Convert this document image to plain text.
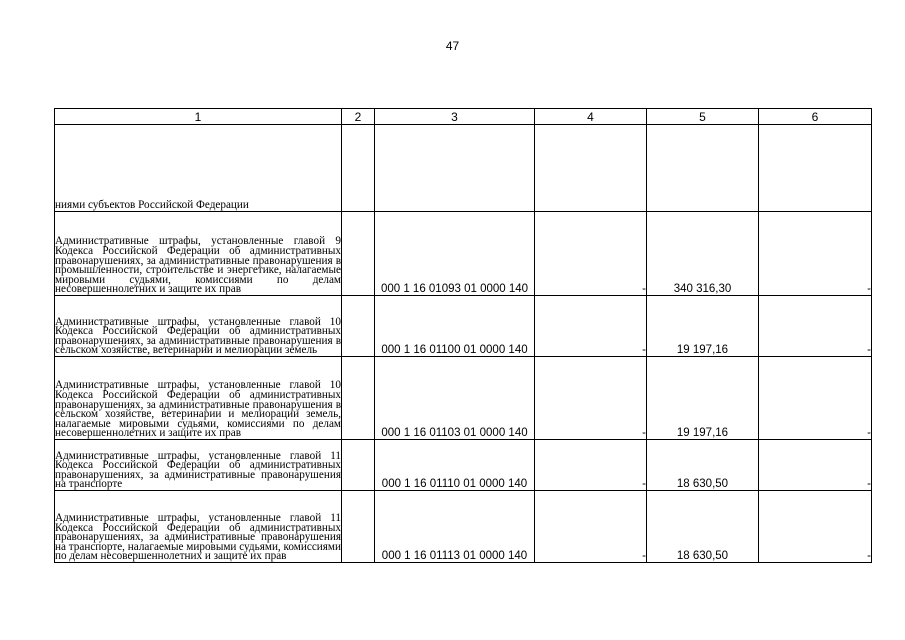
47
1	2	3	4	5	6
ниями субъектов Российской Федерации					
Административные штрафы, установленные главой 9 Кодекса Российской Федерации об административных правонарушениях, за административные правонарушения в промышленности, строительстве и энергетике, налагаемые мировыми судьями, комиссиями по делам несовершеннолетних и защите их прав		000 1 16 01093 01 0000 140	-	340 316,30	-
Административные штрафы, установленные главой 10 Кодекса Российской Федерации об административных правонарушениях, за административные правонарушения в сельском хозяйстве, ветеринарии и мелиорации земель		000 1 16 01100 01 0000 140	-	19 197,16	-
Административные штрафы, установленные главой 10 Кодекса Российской Федерации об административных правонарушениях, за административные правонарушения в сельском хозяйстве, ветеринарии и мелиорации земель, налагаемые мировыми судьями, комиссиями по делам несовершеннолетних и защите их прав		000 1 16 01103 01 0000 140	-	19 197,16	-
Административные штрафы, установленные главой 11 Кодекса Российской Федерации об административных правонарушениях, за административные правонарушения на транспорте		000 1 16 01110 01 0000 140	-	18 630,50	-
Административные штрафы, установленные главой 11 Кодекса Российской Федерации об административных правонарушениях, за административные правонарушения на транспорте, налагаемые мировыми судьями, комиссиями по делам несовершеннолетних и защите их прав		000 1 16 01113 01 0000 140	-	18 630,50	-
